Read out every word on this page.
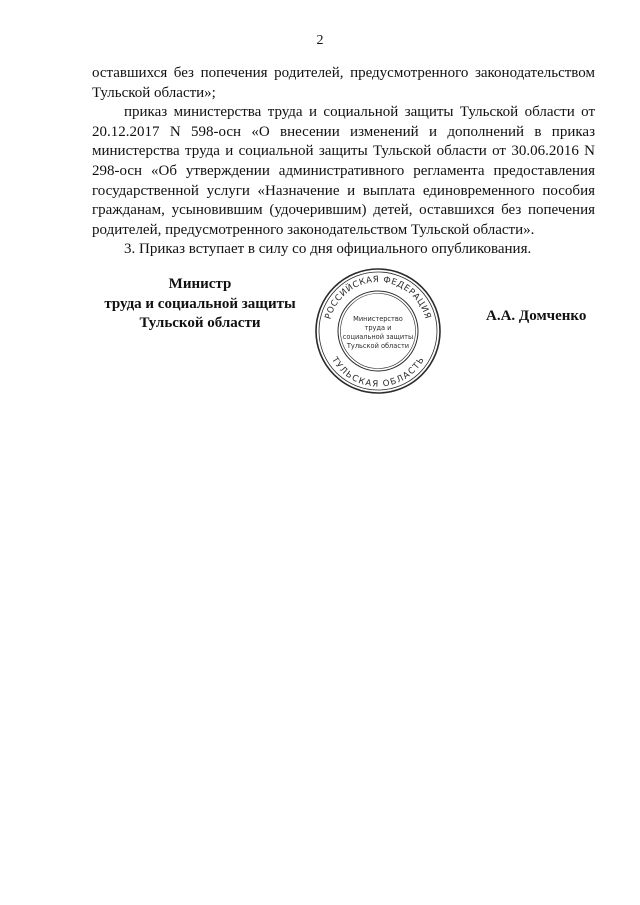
2

оставшихся без попечения родителей, предусмотренного законодательством Тульской области»;

приказ министерства труда и социальной защиты Тульской области от 20.12.2017 N 598-осн «О внесении изменений и дополнений в приказ министерства труда и социальной защиты Тульской области от 30.06.2016 N 298-осн «Об утверждении административного регламента предоставления государственной услуги «Назначение и выплата единовременного пособия гражданам, усыновившим (удочерившим) детей, оставшихся без попечения родителей, предусмотренного законодательством Тульской области».

3. Приказ вступает в силу со дня официального опубликования.

Министр
труда и социальной защиты
Тульской области	РОССИЙСКАЯ ФЕДЕРАЦИЯ
ТУЛЬСКАЯ ОБЛАСТЬ
Министерство
труда и
социальной защиты
Тульской области
А.А. Домченко
